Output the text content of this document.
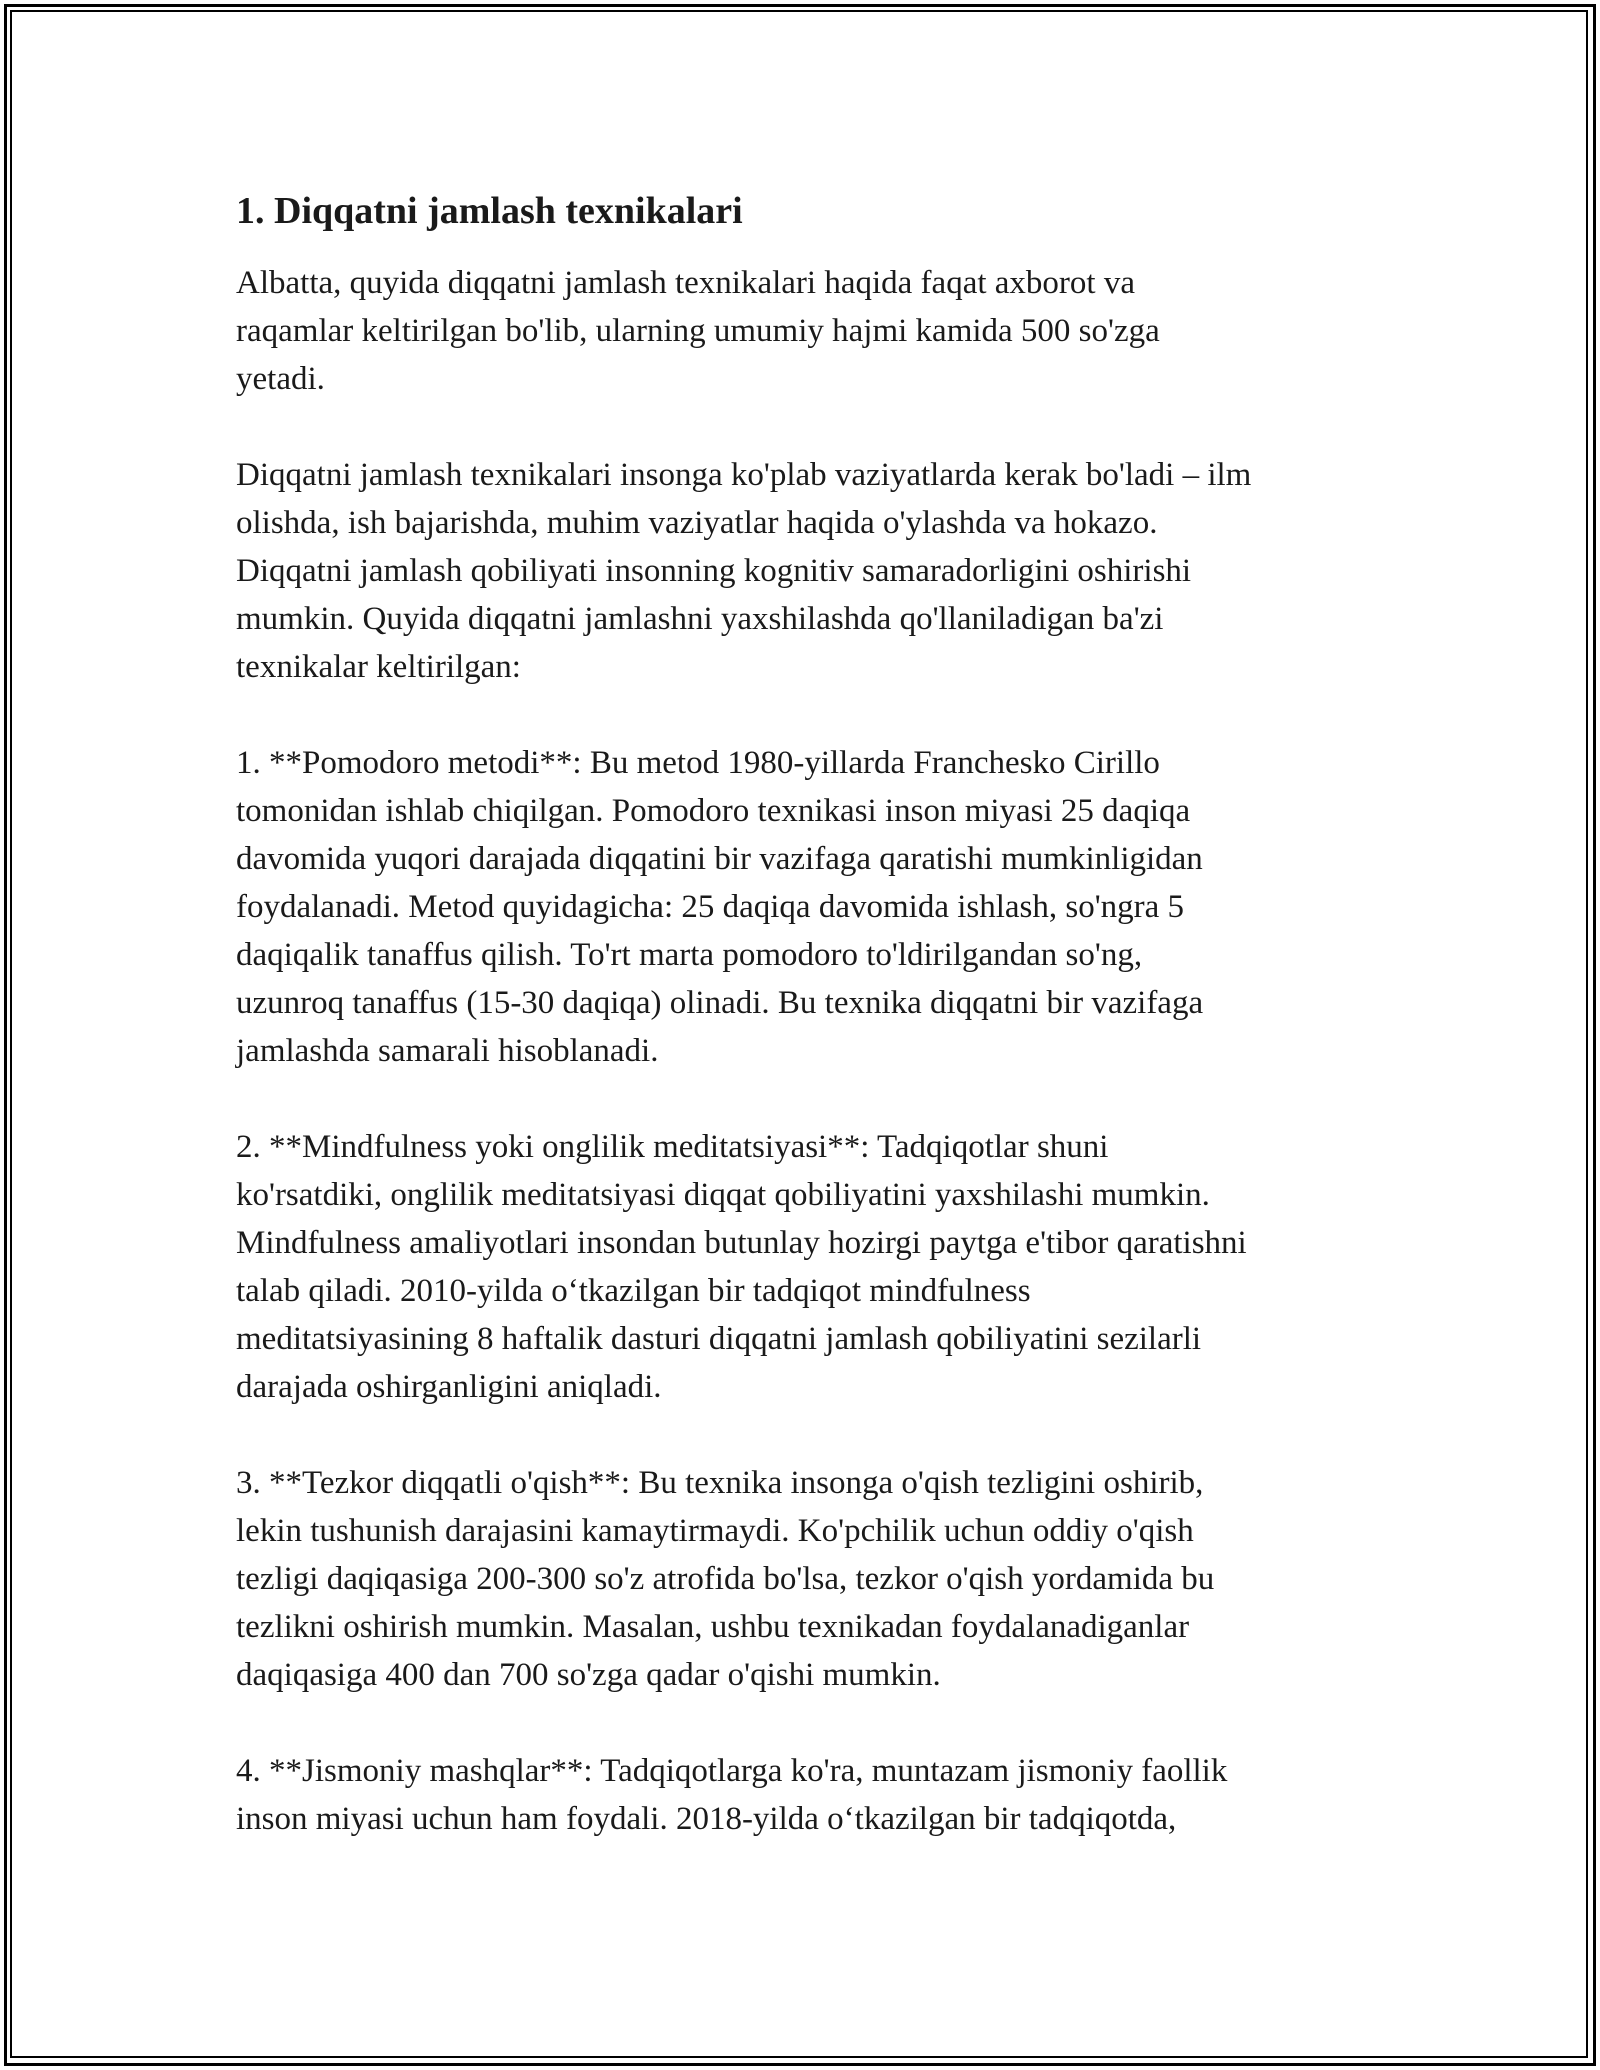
1. Diqqatni jamlash texnikalari

Albatta, quyida diqqatni jamlash texnikalari haqida faqat axborot va
raqamlar keltirilgan bo'lib, ularning umumiy hajmi kamida 500 so'zga
yetadi.

Diqqatni jamlash texnikalari insonga ko'plab vaziyatlarda kerak bo'ladi – ilm
olishda, ish bajarishda, muhim vaziyatlar haqida o'ylashda va hokazo.
Diqqatni jamlash qobiliyati insonning kognitiv samaradorligini oshirishi
mumkin. Quyida diqqatni jamlashni yaxshilashda qo'llaniladigan ba'zi
texnikalar keltirilgan:

1. **Pomodoro metodi**: Bu metod 1980-yillarda Franchesko Cirillo
tomonidan ishlab chiqilgan. Pomodoro texnikasi inson miyasi 25 daqiqa
davomida yuqori darajada diqqatini bir vazifaga qaratishi mumkinligidan
foydalanadi. Metod quyidagicha: 25 daqiqa davomida ishlash, so'ngra 5
daqiqalik tanaffus qilish. To'rt marta pomodoro to'ldirilgandan so'ng,
uzunroq tanaffus (15-30 daqiqa) olinadi. Bu texnika diqqatni bir vazifaga
jamlashda samarali hisoblanadi.

2. **Mindfulness yoki onglilik meditatsiyasi**: Tadqiqotlar shuni
ko'rsatdiki, onglilik meditatsiyasi diqqat qobiliyatini yaxshilashi mumkin.
Mindfulness amaliyotlari insondan butunlay hozirgi paytga e'tibor qaratishni
talab qiladi. 2010-yilda o‘tkazilgan bir tadqiqot mindfulness
meditatsiyasining 8 haftalik dasturi diqqatni jamlash qobiliyatini sezilarli
darajada oshirganligini aniqladi.

3. **Tezkor diqqatli o'qish**: Bu texnika insonga o'qish tezligini oshirib,
lekin tushunish darajasini kamaytirmaydi. Ko'pchilik uchun oddiy o'qish
tezligi daqiqasiga 200-300 so'z atrofida bo'lsa, tezkor o'qish yordamida bu
tezlikni oshirish mumkin. Masalan, ushbu texnikadan foydalanadiganlar
daqiqasiga 400 dan 700 so'zga qadar o'qishi mumkin.

4. **Jismoniy mashqlar**: Tadqiqotlarga ko'ra, muntazam jismoniy faollik
inson miyasi uchun ham foydali. 2018-yilda o‘tkazilgan bir tadqiqotda,
